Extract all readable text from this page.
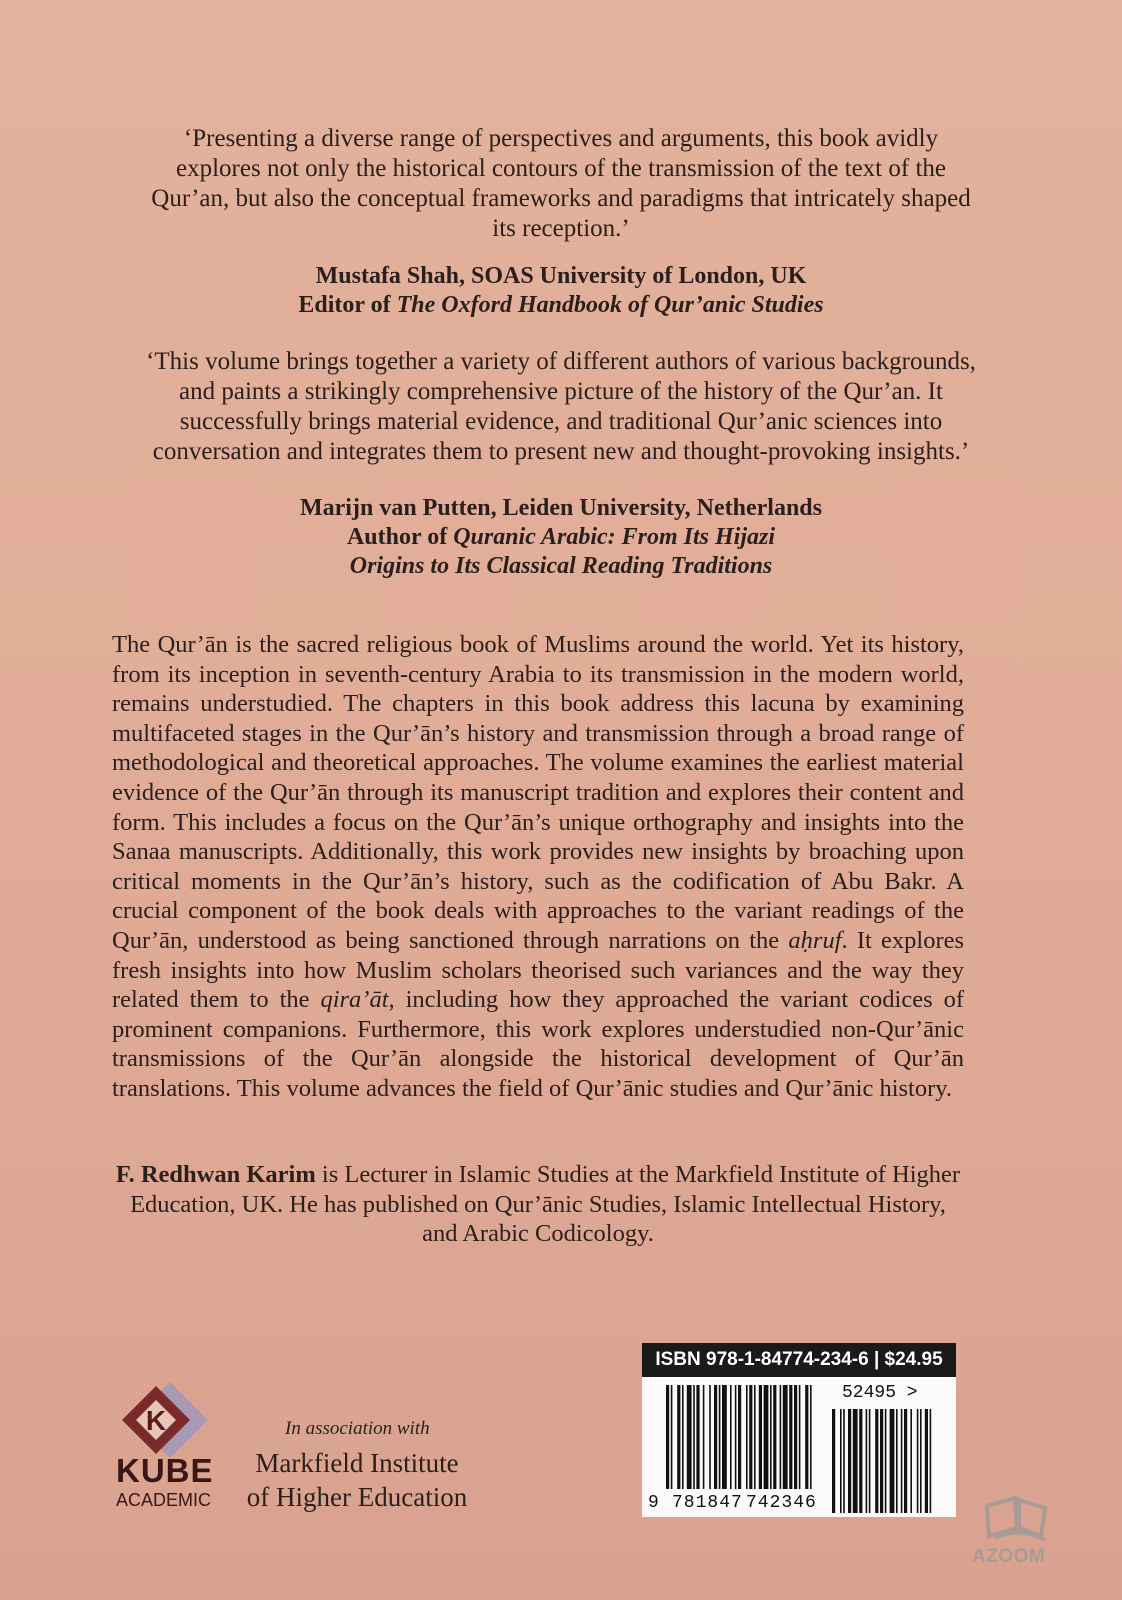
‘Presenting a diverse range of perspectives and arguments, this book avidly
explores not only the historical contours of the transmission of the text of the
Qur’an, but also the conceptual frameworks and paradigms that intricately shaped
its reception.’
Mustafa Shah, SOAS University of London, UK
Editor of The Oxford Handbook of Qur’anic Studies
‘This volume brings together a variety of different authors of various backgrounds,
and paints a strikingly comprehensive picture of the history of the Qur’an. It
successfully brings material evidence, and traditional Qur’anic sciences into
conversation and integrates them to present new and thought-provoking insights.’
Marijn van Putten, Leiden University, Netherlands
Author of Quranic Arabic: From Its Hijazi
Origins to Its Classical Reading Traditions
The Qur’ān is the sacred religious book of Muslims around the world. Yet its history, from its inception in seventh-century Arabia to its transmission in the modern world, remains understudied. The chapters in this book address this lacuna by examining multifaceted stages in the Qur’ān’s history and transmission through a broad range of methodological and theoretical approaches. The volume examines the earliest material evidence of the Qur’ān through its manuscript tradition and explores their content and form. This includes a focus on the Qur’ān’s unique orthography and insights into the Sanaa manuscripts. Additionally, this work provides new insights by broaching upon critical moments in the Qur’ān’s history, such as the codification of Abu Bakr. A crucial component of the book deals with approaches to the variant readings of the Qur’ān, understood as being sanctioned through narrations on the aḥruf. It explores fresh insights into how Muslim scholars theorised such variances and the way they related them to the qira’āt, including how they approached the variant codices of prominent companions. Furthermore, this work explores understudied non-Qur’ānic transmissions of the Qur’ān alongside the historical development of Qur’ān translations. This volume advances the field of Qur’ānic studies and Qur’ānic history.
F. Redhwan Karim is Lecturer in Islamic Studies at the Markfield Institute of Higher Education, UK. He has published on Qur’ānic Studies, Islamic Intellectual History, and Arabic Codicology.
K
KUBE
ACADEMIC
In association with
Markfield Institute
of Higher Education
ISBN 978-1-84774-234-6 | $24.95
52495 >
9 781847 742346
AZOOM
